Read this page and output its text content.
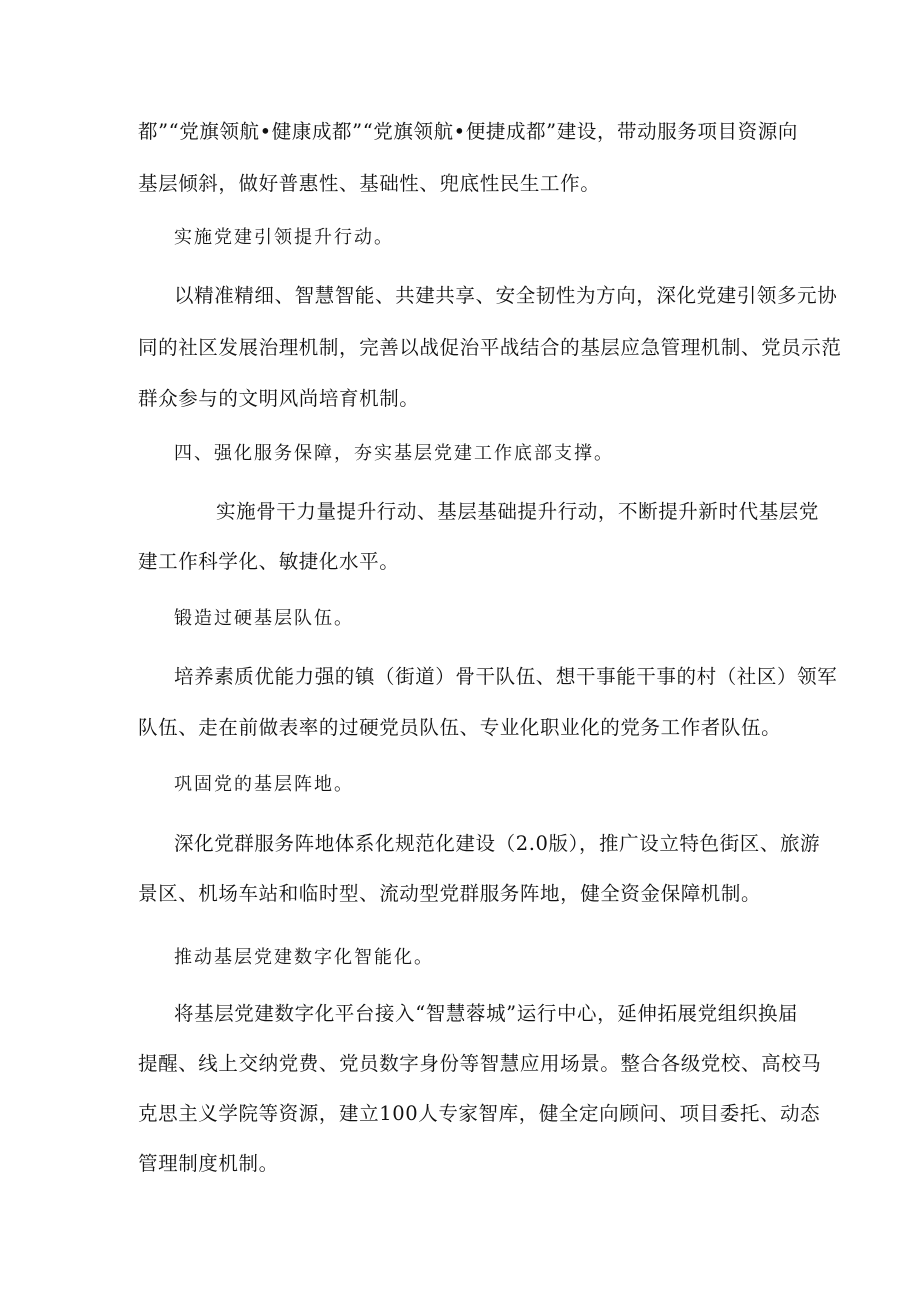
都”“党旗领航•健康成都”“党旗领航•便捷成都”建设，带动服务项目资源向

基层倾斜，做好普惠性、基础性、兜底性民生工作。

实施党建引领提升行动。

以精准精细、智慧智能、共建共享、安全韧性为方向，深化党建引领多元协

同的社区发展治理机制，完善以战促治平战结合的基层应急管理机制、党员示范

群众参与的文明风尚培育机制。

四、强化服务保障，夯实基层党建工作底部支撑。

实施骨干力量提升行动、基层基础提升行动，不断提升新时代基层党

建工作科学化、敏捷化水平。

锻造过硬基层队伍。

培养素质优能力强的镇（街道）骨干队伍、想干事能干事的村（社区）领军

队伍、走在前做表率的过硬党员队伍、专业化职业化的党务工作者队伍。

巩固党的基层阵地。

深化党群服务阵地体系化规范化建设（2.0版），推广设立特色街区、旅游

景区、机场车站和临时型、流动型党群服务阵地，健全资金保障机制。

推动基层党建数字化智能化。

将基层党建数字化平台接入“智慧蓉城”运行中心，延伸拓展党组织换届

提醒、线上交纳党费、党员数字身份等智慧应用场景。整合各级党校、高校马

克思主义学院等资源，建立100人专家智库，健全定向顾问、项目委托、动态

管理制度机制。
